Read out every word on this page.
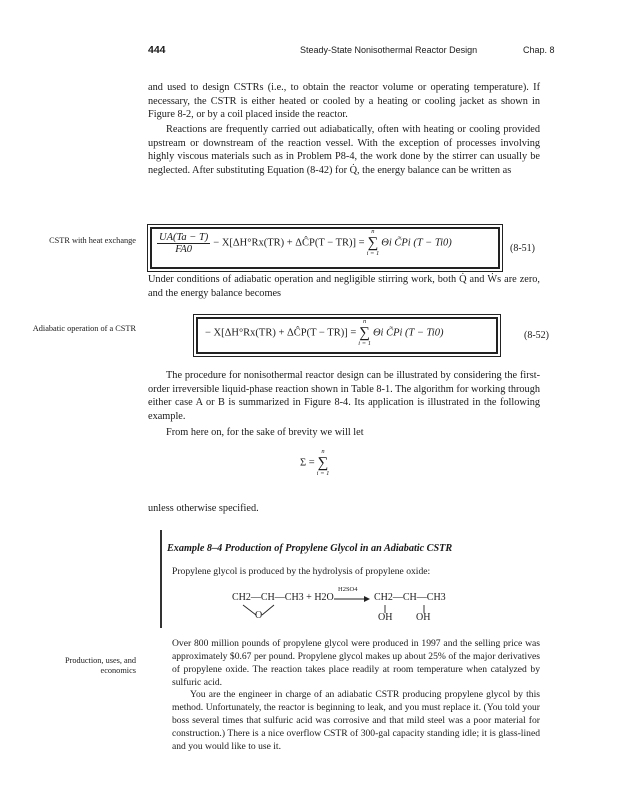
444	Steady-State Nonisothermal Reactor Design	Chap. 8
and used to design CSTRs (i.e., to obtain the reactor volume or operating temperature). If necessary, the CSTR is either heated or cooled by a heating or cooling jacket as shown in Figure 8-2, or by a coil placed inside the reactor.
Reactions are frequently carried out adiabatically, often with heating or cooling provided upstream or downstream of the reaction vessel. With the exception of processes involving highly viscous materials such as in Problem P8-4, the work done by the stirrer can usually be neglected. After substituting Equation (8-42) for Q̇, the energy balance can be written as
CSTR with heat exchange $\frac{UA(Ta - T)}{FA0} - X[\Delta H^\circ Rx(TR)$ + ΔĈP(T − TR)] =
n
∑
i = 1
Θi C̃Pi (T − Ti0)	(8-51)
Under conditions of adiabatic operation and negligible stirring work, both Q̇ and Ẇs are zero, and the energy balance becomes
Adiabatic operation of a CSTR	− X[ΔH°Rx(TR) + ΔĈP(T − TR)] =
n
∑
i = 1
Θi C̃Pi (T − Ti0)	(8-52)
The procedure for nonisothermal reactor design can be illustrated by considering the first-order irreversible liquid-phase reaction shown in Table 8-1. The algorithm for working through either case A or B is summarized in Figure 8-4. Its application is illustrated in the following example.
From here on, for the sake of brevity we will let
Σ =
n
∑
i = 1
unless otherwise specified.
Example 8–4 Production of Propylene Glycol in an Adiabatic CSTR
Propylene glycol is produced by the hydrolysis of propylene oxide:
CH2—CH—CH3 + H2O
O
H2SO4
→ CH2—CH—CH3
OH OH
Production, uses, and economics
Over 800 million pounds of propylene glycol were produced in 1997 and the selling price was approximately $0.67 per pound. Propylene glycol makes up about 25% of the major derivatives of propylene oxide. The reaction takes place readily at room temperature when catalyzed by sulfuric acid.
You are the engineer in charge of an adiabatic CSTR producing propylene glycol by this method. Unfortunately, the reactor is beginning to leak, and you must replace it. (You told your boss several times that sulfuric acid was corrosive and that mild steel was a poor material for construction.) There is a nice overflow CSTR of 300-gal capacity standing idle; it is glass-lined and you would like to use it.
